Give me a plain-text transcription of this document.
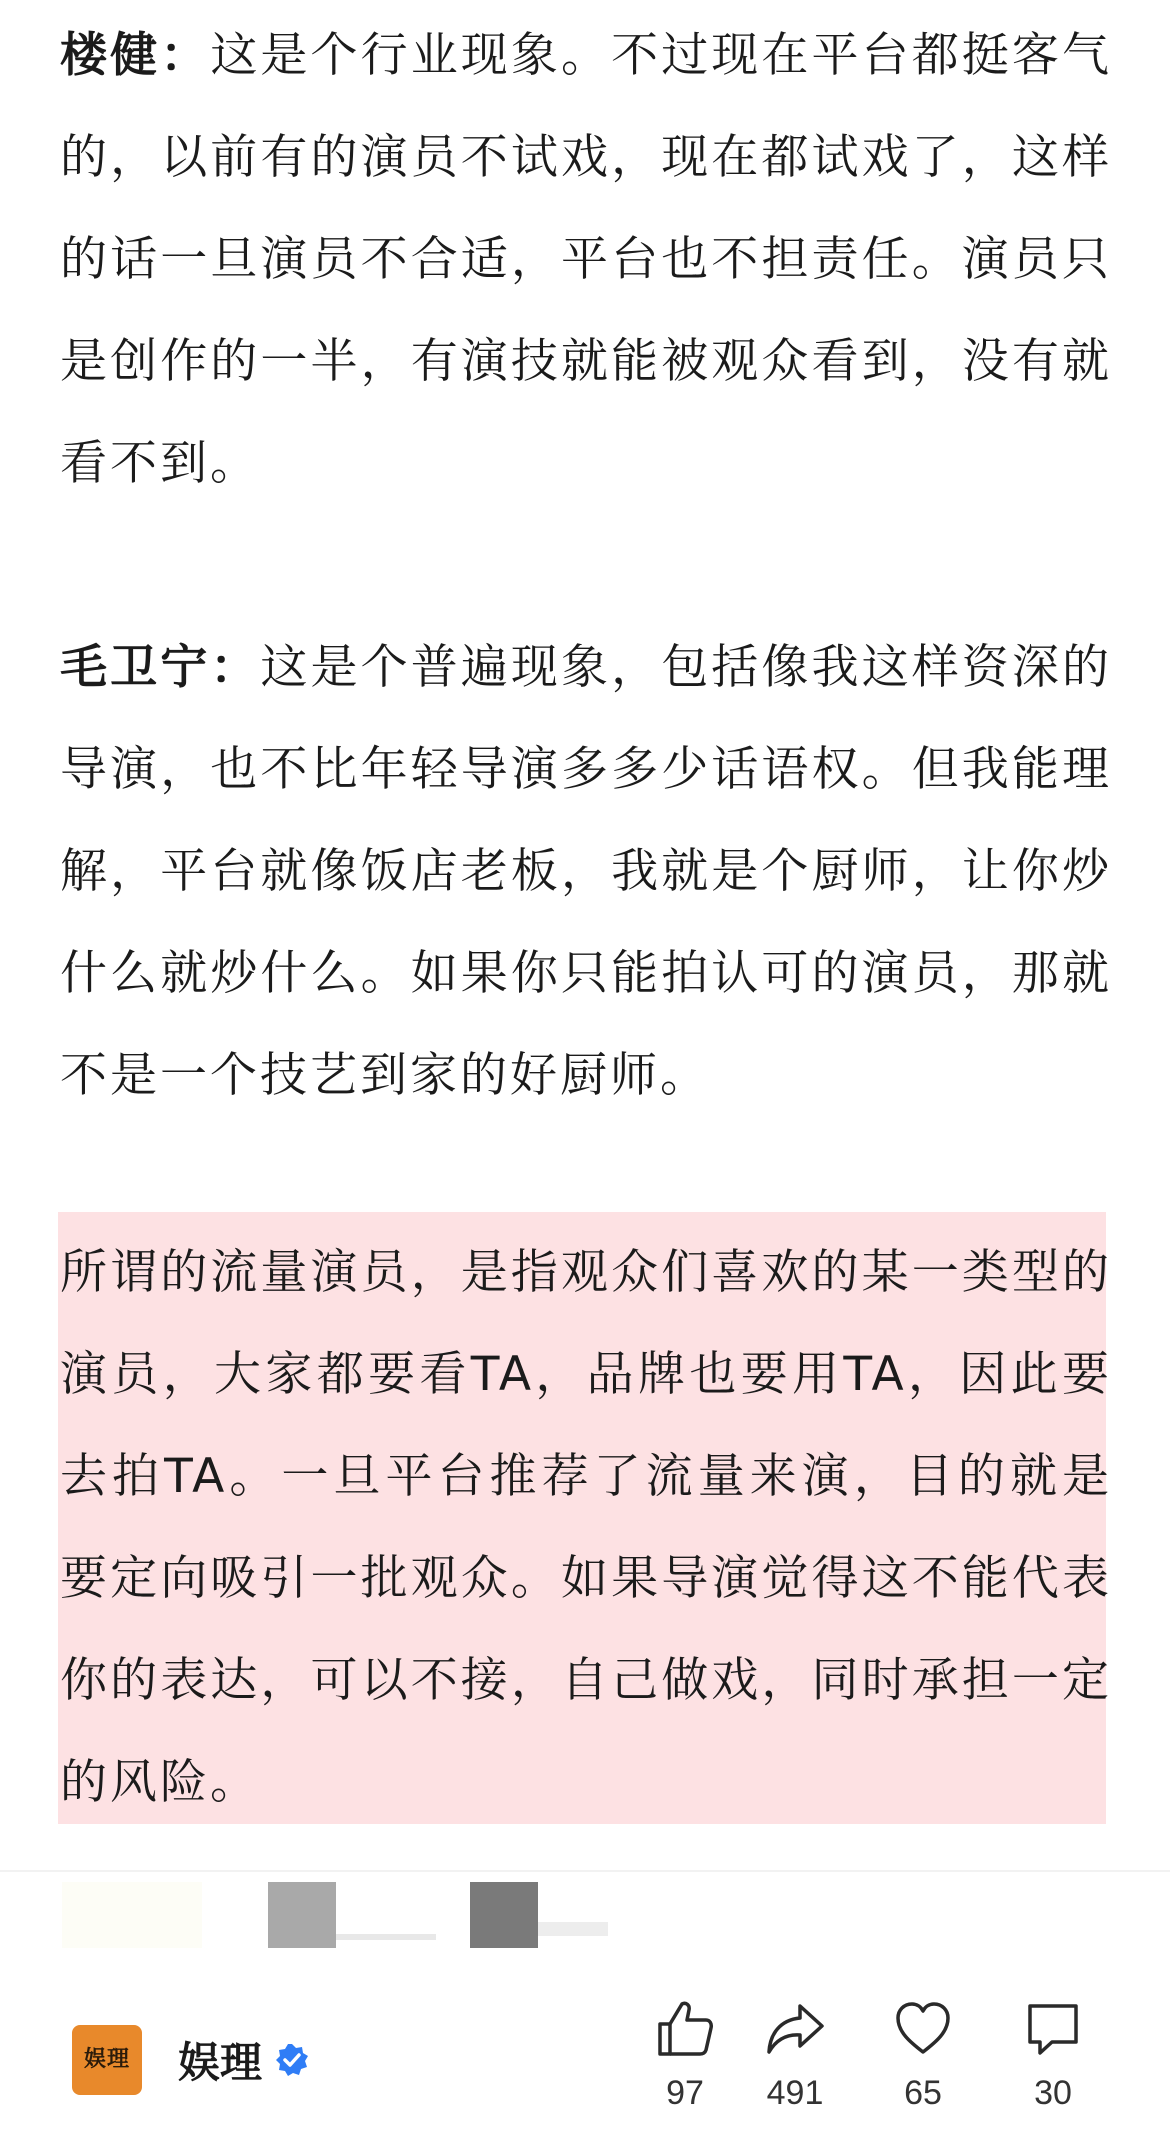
楼健：这是个行业现象。不过现在平台都挺客气的，以前有的演员不试戏，现在都试戏了，这样的话一旦演员不合适，平台也不担责任。演员只是创作的一半，有演技就能被观众看到，没有就看不到。

毛卫宁：这是个普遍现象，包括像我这样资深的导演，也不比年轻导演多多少话语权。但我能理解，平台就像饭店老板，我就是个厨师，让你炒什么就炒什么。如果你只能拍认可的演员，那就不是一个技艺到家的好厨师。

所谓的流量演员，是指观众们喜欢的某一类型的演员，大家都要看TA，品牌也要用TA，因此要去拍TA。一旦平台推荐了流量来演，目的就是要定向吸引一批观众。如果导演觉得这不能代表你的表达，可以不接，自己做戏，同时承担一定的风险。

娱理 娱理
97	491	65	30
